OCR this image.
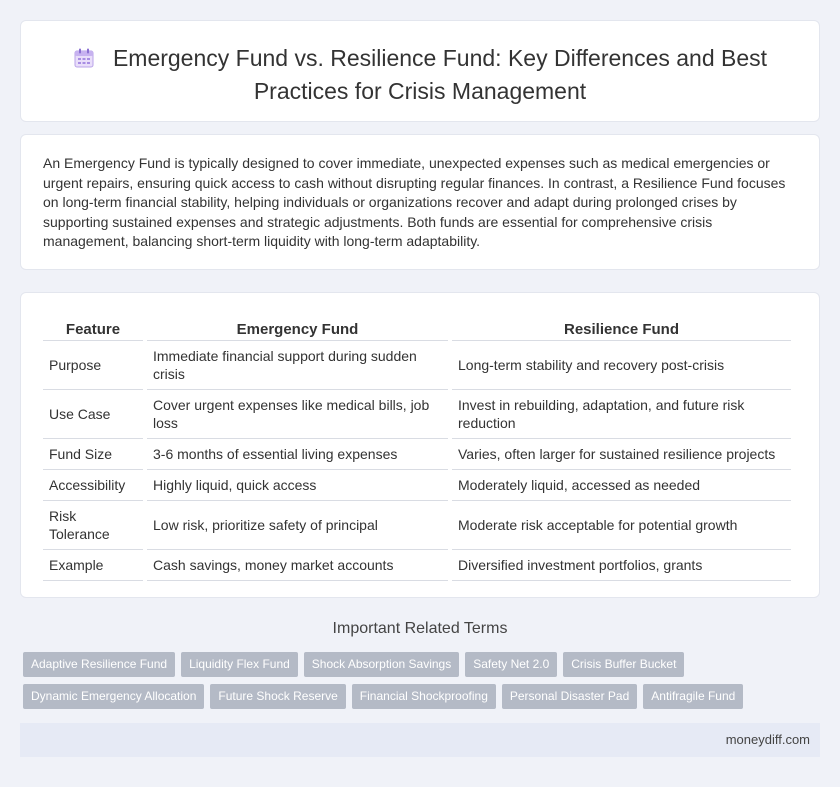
Emergency Fund vs. Resilience Fund: Key Differences and Best
Practices for Crisis Management

An Emergency Fund is typically designed to cover immediate, unexpected expenses such as medical emergencies or urgent repairs, ensuring quick access to cash without disrupting regular finances. In contrast, a Resilience Fund focuses on long-term financial stability, helping individuals or organizations recover and adapt during prolonged crises by supporting sustained expenses and strategic adjustments. Both funds are essential for comprehensive crisis management, balancing short-term liquidity with long-term adaptability.

Feature	Emergency Fund	Resilience Fund
Purpose	Immediate financial support during sudden crisis	Long-term stability and recovery post-crisis
Use Case	Cover urgent expenses like medical bills, job loss	Invest in rebuilding, adaptation, and future risk reduction
Fund Size	3-6 months of essential living expenses	Varies, often larger for sustained resilience projects
Accessibility	Highly liquid, quick access	Moderately liquid, accessed as needed
Risk Tolerance	Low risk, prioritize safety of principal	Moderate risk acceptable for potential growth
Example	Cash savings, money market accounts	Diversified investment portfolios, grants
Important Related Terms
Adaptive Resilience Fund Liquidity Flex Fund Shock Absorption Savings Safety Net 2.0 Crisis Buffer Bucket
Dynamic Emergency Allocation Future Shock Reserve Financial Shockproofing Personal Disaster Pad Antifragile Fund
moneydiff.com
